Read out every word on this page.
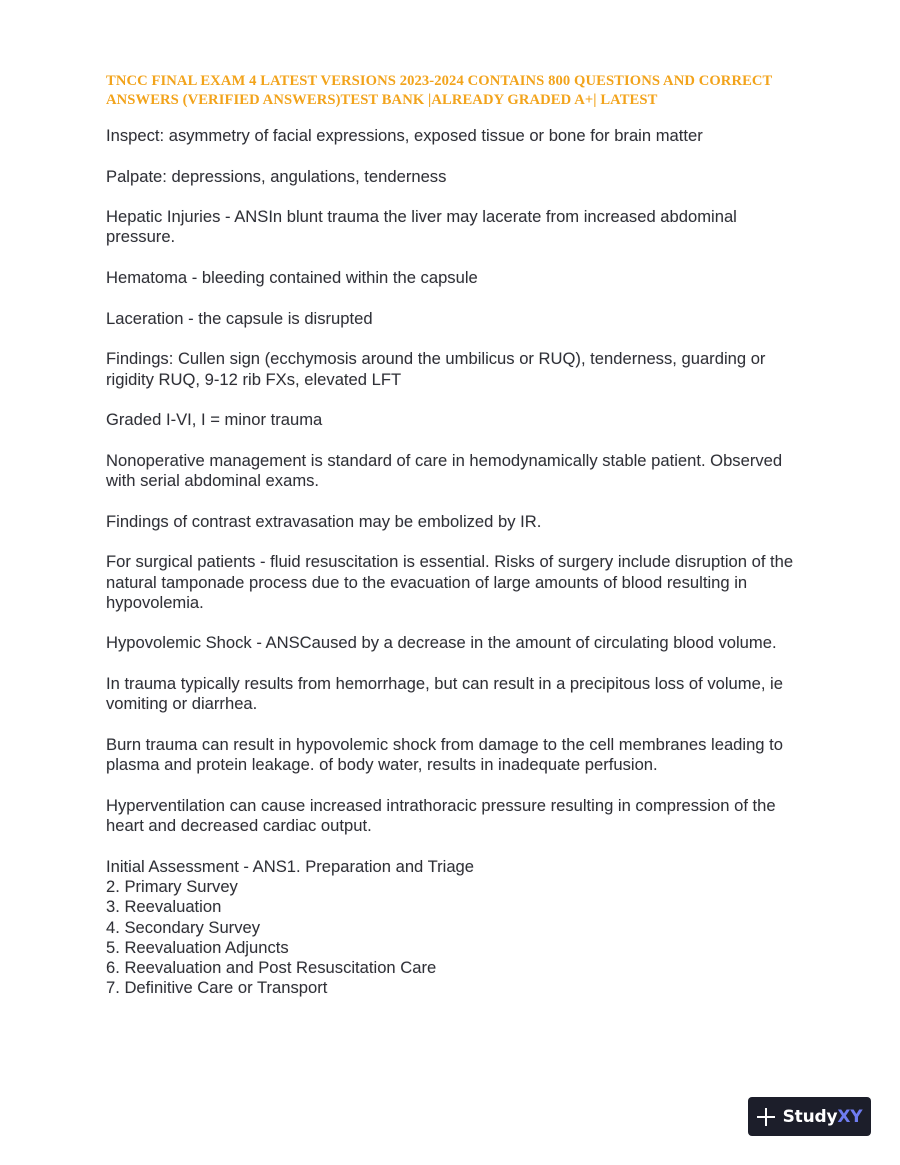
TNCC FINAL EXAM 4 LATEST VERSIONS 2023-2024 CONTAINS 800 QUESTIONS AND CORRECT ANSWERS (VERIFIED ANSWERS)TEST BANK |ALREADY GRADED A+| LATEST

Inspect: asymmetry of facial expressions, exposed tissue or bone for brain matter

Palpate: depressions, angulations, tenderness

Hepatic Injuries - ANSIn blunt trauma the liver may lacerate from increased abdominal pressure.

Hematoma - bleeding contained within the capsule

Laceration - the capsule is disrupted

Findings: Cullen sign (ecchymosis around the umbilicus or RUQ), tenderness, guarding or rigidity RUQ, 9-12 rib FXs, elevated LFT

Graded I-VI, I = minor trauma

Nonoperative management is standard of care in hemodynamically stable patient. Observed with serial abdominal exams.

Findings of contrast extravasation may be embolized by IR.

For surgical patients - fluid resuscitation is essential. Risks of surgery include disruption of the natural tamponade process due to the evacuation of large amounts of blood resulting in hypovolemia.

Hypovolemic Shock - ANSCaused by a decrease in the amount of circulating blood volume.

In trauma typically results from hemorrhage, but can result in a precipitous loss of volume, ie vomiting or diarrhea.

Burn trauma can result in hypovolemic shock from damage to the cell membranes leading to plasma and protein leakage. of body water, results in inadequate perfusion.

Hyperventilation can cause increased intrathoracic pressure resulting in compression of the heart and decreased cardiac output.

Initial Assessment - ANS1. Preparation and Triage

2. Primary Survey

3. Reevaluation

4. Secondary Survey

5. Reevaluation Adjuncts

6. Reevaluation and Post Resuscitation Care

7. Definitive Care or Transport

Study XY
